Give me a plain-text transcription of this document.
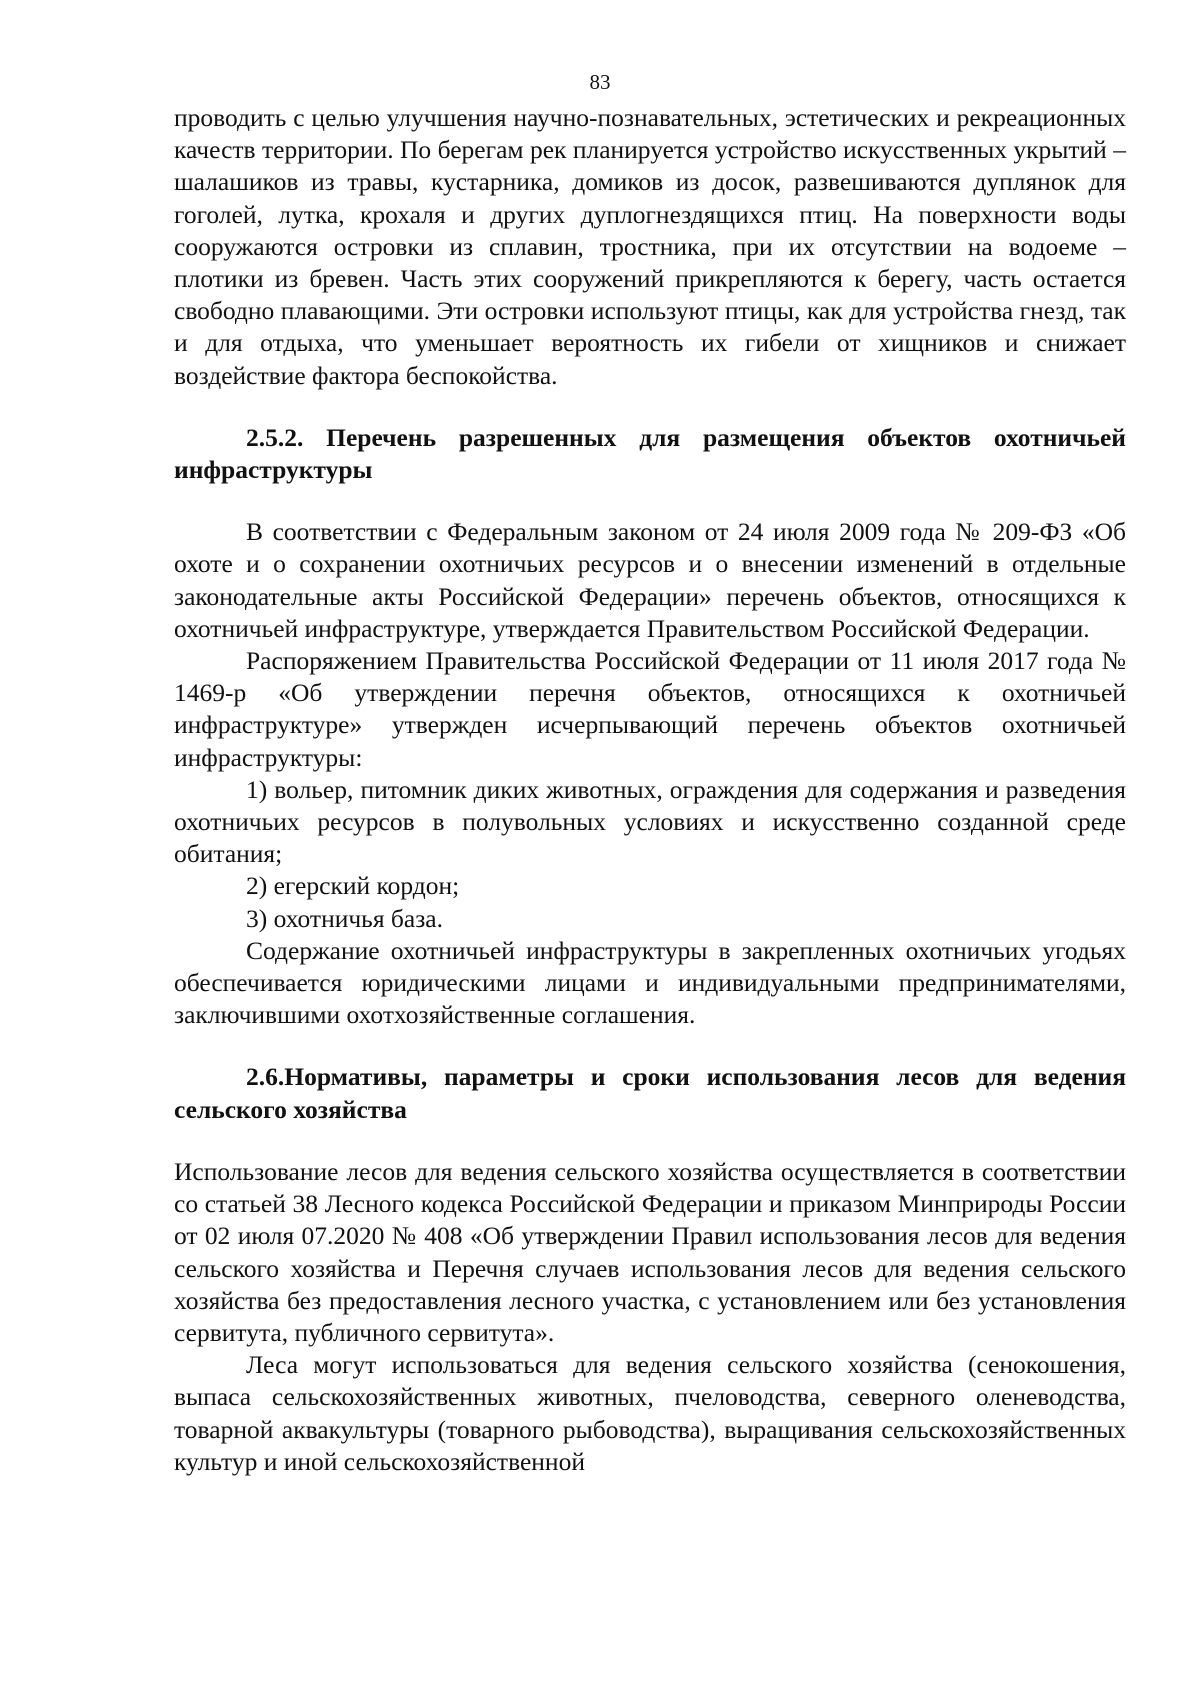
83

проводить с целью улучшения научно-познавательных, эстетических и рекреационных качеств территории. По берегам рек планируется устройство искусственных укрытий – шалашиков из травы, кустарника, домиков из досок, развешиваются дуплянок для гоголей, лутка, крохаля и других дуплогнездящихся птиц. На поверхности воды сооружаются островки из сплавин, тростника, при их отсутствии на водоеме – плотики из бревен. Часть этих сооружений прикрепляются к берегу, часть остается свободно плавающими. Эти островки используют птицы, как для устройства гнезд, так и для отдыха, что уменьшает вероятность их гибели от хищников и снижает воздействие фактора беспокойства.

2.5.2. Перечень разрешенных для размещения объектов охотничьей инфраструктуры

В соответствии с Федеральным законом от 24 июля 2009 года № 209-ФЗ «Об охоте и о сохранении охотничьих ресурсов и о внесении изменений в отдельные законодательные акты Российской Федерации» перечень объектов, относящихся к охотничьей инфраструктуре, утверждается Правительством Российской Федерации.

Распоряжением Правительства Российской Федерации от 11 июля 2017 года № 1469-р «Об утверждении перечня объектов, относящихся к охотничьей инфраструктуре» утвержден исчерпывающий перечень объектов охотничьей инфраструктуры:

1) вольер, питомник диких животных, ограждения для содержания и разведения охотничьих ресурсов в полувольных условиях и искусственно созданной среде обитания;

2) егерский кордон;

3) охотничья база.

Содержание охотничьей инфраструктуры в закрепленных охотничьих угодьях обеспечивается юридическими лицами и индивидуальными предпринимателями, заключившими охотхозяйственные соглашения.

2.6.Нормативы, параметры и сроки использования лесов для ведения сельского хозяйства

Использование лесов для ведения сельского хозяйства осуществляется в соответствии со статьей 38 Лесного кодекса Российской Федерации и приказом Минприроды России от 02 июля 07.2020 № 408 «Об утверждении Правил использования лесов для ведения сельского хозяйства и Перечня случаев использования лесов для ведения сельского хозяйства без предоставления лесного участка, с установлением или без установления сервитута, публичного сервитута».

Леса могут использоваться для ведения сельского хозяйства (сенокошения, выпаса сельскохозяйственных животных, пчеловодства, северного оленеводства, товарной аквакультуры (товарного рыбоводства), выращивания сельскохозяйственных культур и иной сельскохозяйственной
